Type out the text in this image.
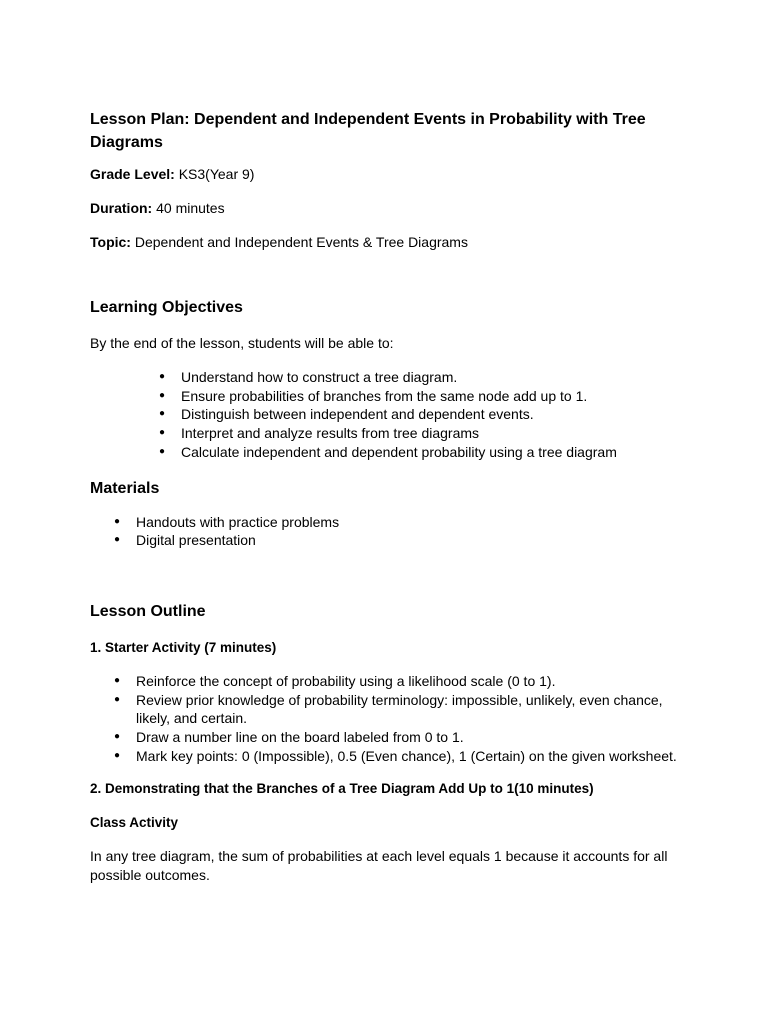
Lesson Plan: Dependent and Independent Events in Probability with Tree Diagrams

Grade Level: KS3(Year 9)

Duration: 40 minutes

Topic: Dependent and Independent Events & Tree Diagrams

Learning Objectives

By the end of the lesson, students will be able to:

● Understand how to construct a tree diagram.
● Ensure probabilities of branches from the same node add up to 1.
● Distinguish between independent and dependent events.
● Interpret and analyze results from tree diagrams
● Calculate independent and dependent probability using a tree diagram
Materials
● Handouts with practice problems
● Digital presentation
Lesson Outline
1. Starter Activity (7 minutes)
● Reinforce the concept of probability using a likelihood scale (0 to 1).
● Review prior knowledge of probability terminology: impossible, unlikely, even chance, likely, and certain.
● Draw a number line on the board labeled from 0 to 1.
● Mark key points: 0 (Impossible), 0.5 (Even chance), 1 (Certain) on the given worksheet.
2. Demonstrating that the Branches of a Tree Diagram Add Up to 1(10 minutes)
Class Activity

In any tree diagram, the sum of probabilities at each level equals 1 because it accounts for all possible outcomes.
